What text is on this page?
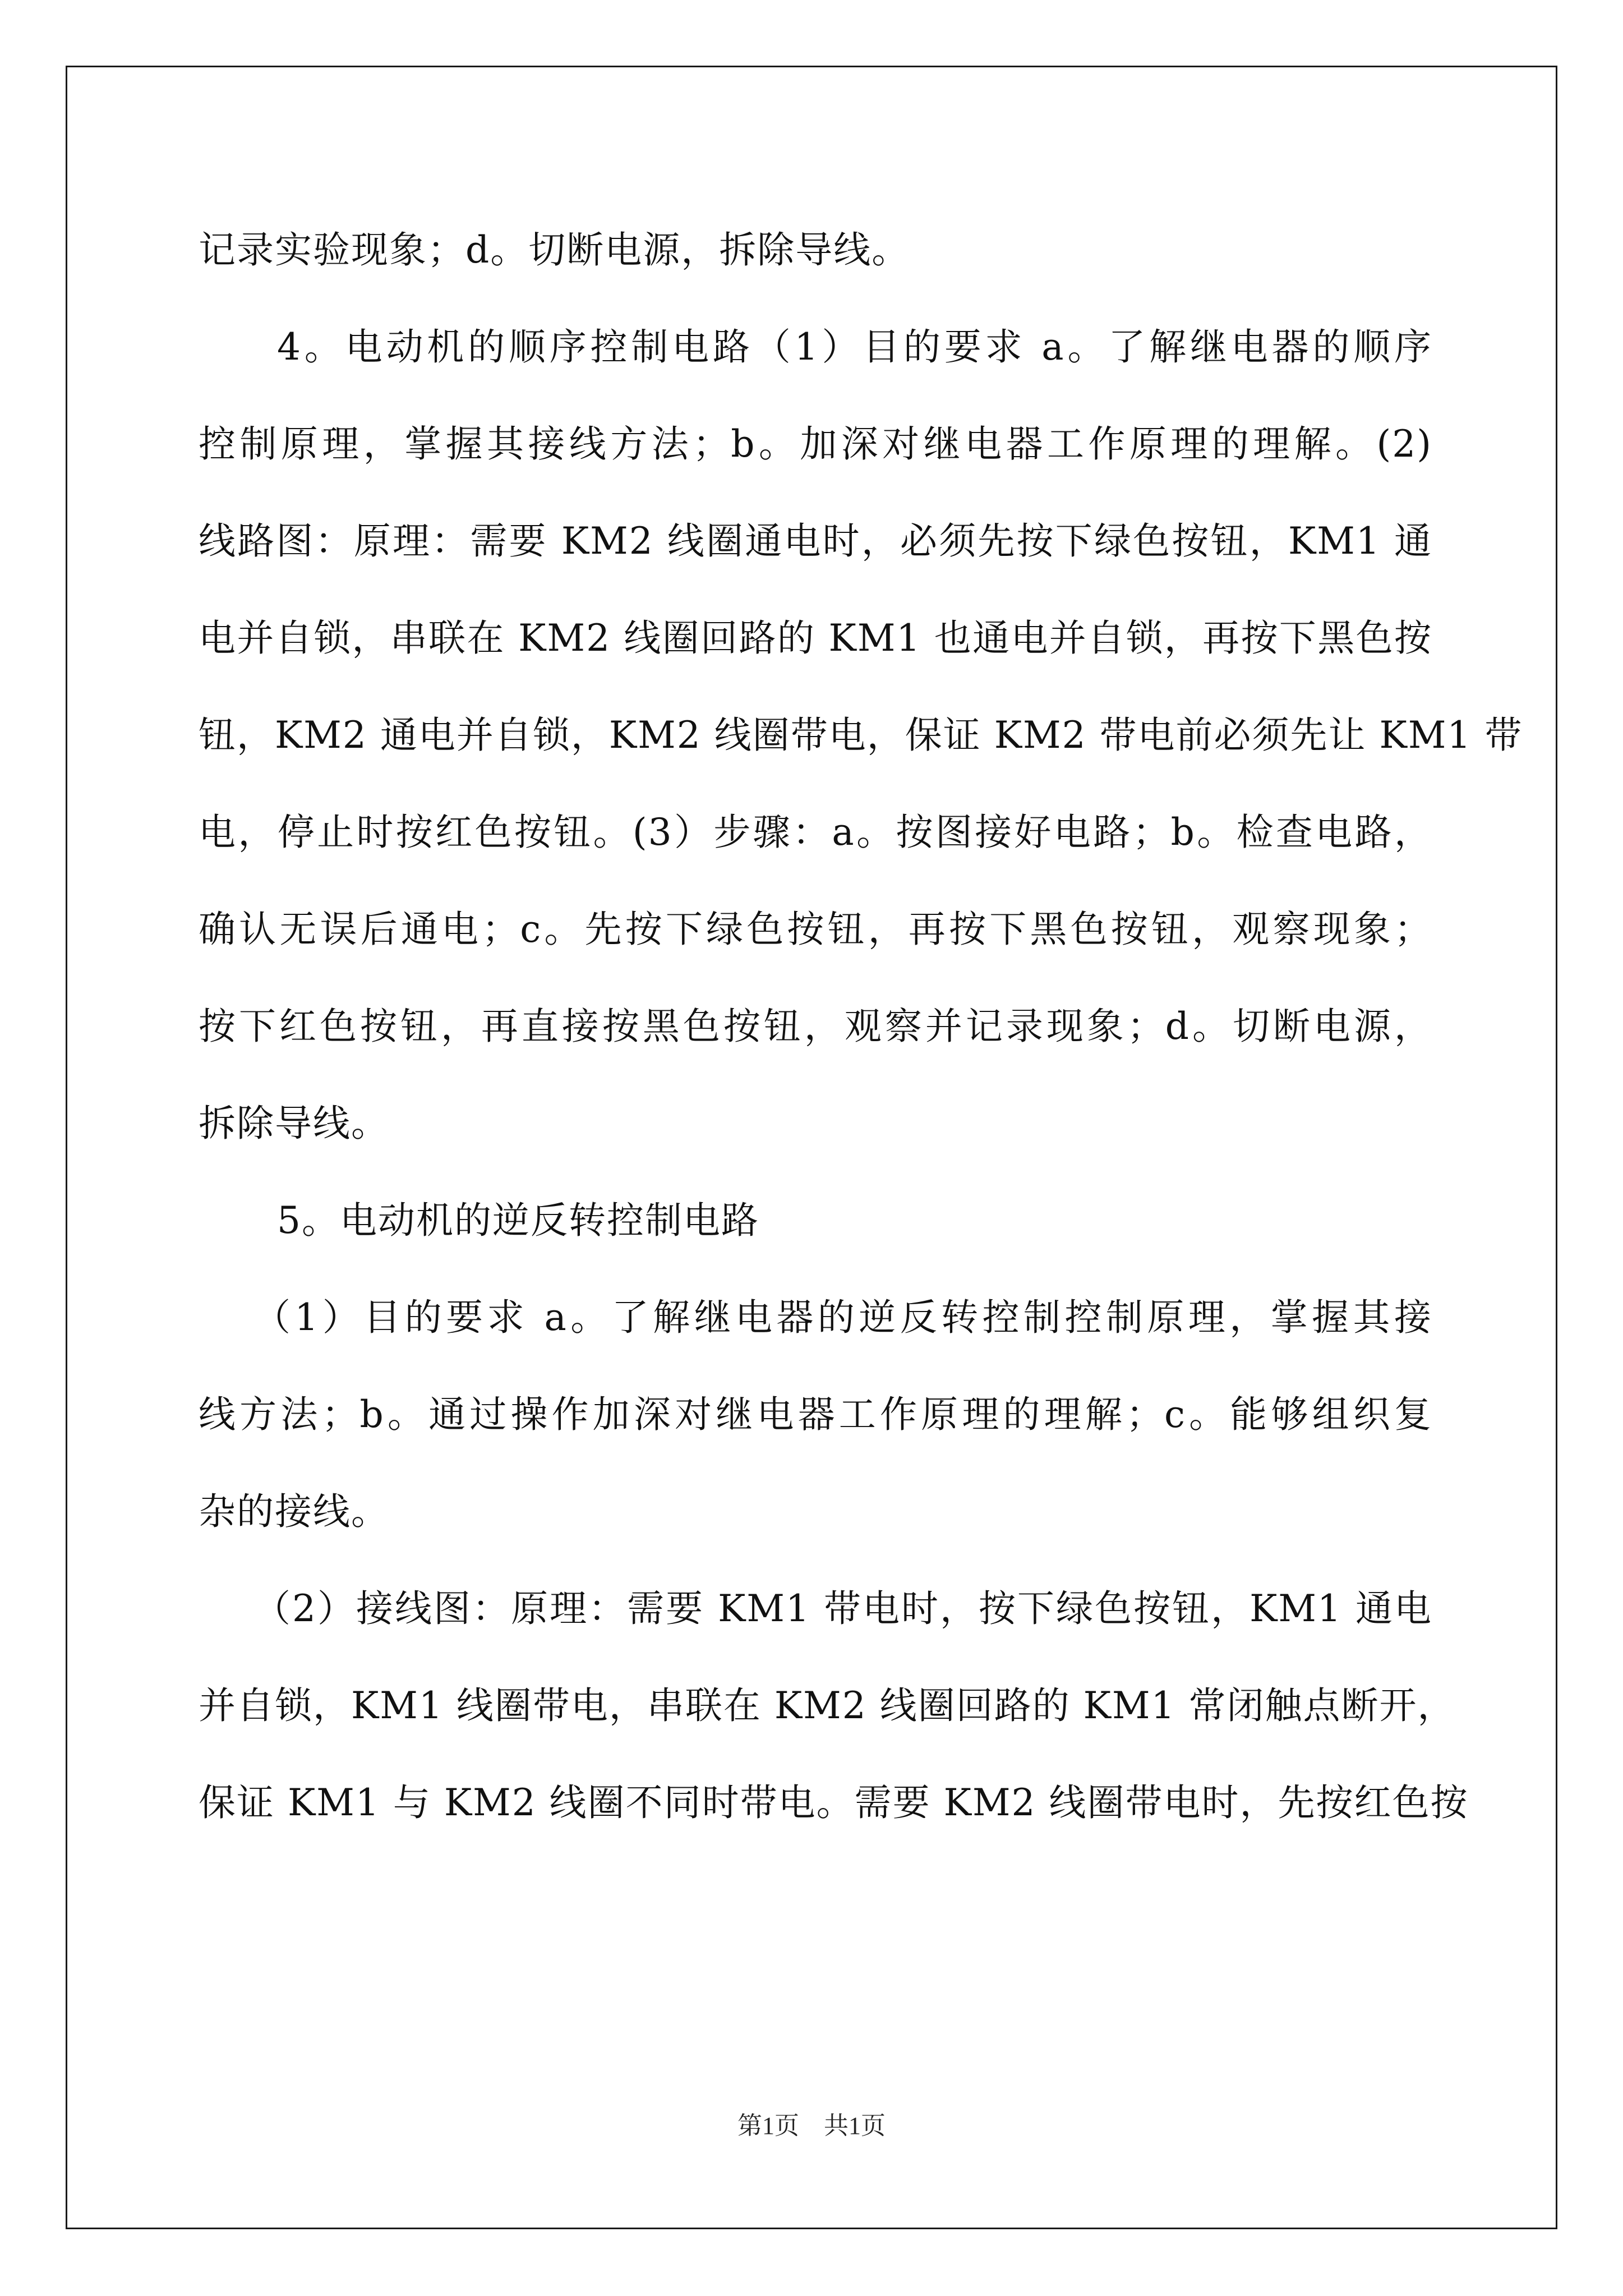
记录实验现象；d。切断电源，拆除导线。
4。电动机的顺序控制电路（1）目的要求 a。了解继电器的顺序
控制原理，掌握其接线方法；b。加深对继电器工作原理的理解。(2)
线路图：原理：需要 KM2 线圈通电时，必须先按下绿色按钮，KM1 通
电并自锁，串联在 KM2 线圈回路的 KM1 也通电并自锁，再按下黑色按
钮，KM2 通电并自锁，KM2 线圈带电，保证 KM2 带电前必须先让 KM1 带
电，停止时按红色按钮。(3）步骤：a。按图接好电路；b。检查电路，
确认无误后通电；c。先按下绿色按钮，再按下黑色按钮，观察现象；
按下红色按钮，再直接按黑色按钮，观察并记录现象；d。切断电源，
拆除导线。
5。电动机的逆反转控制电路
（1）目的要求 a。了解继电器的逆反转控制控制原理，掌握其接
线方法；b。通过操作加深对继电器工作原理的理解；c。能够组织复
杂的接线。
（2）接线图：原理：需要 KM1 带电时，按下绿色按钮，KM1 通电
并自锁，KM1 线圈带电，串联在 KM2 线圈回路的 KM1 常闭触点断开，
保证 KM1 与 KM2 线圈不同时带电。需要 KM2 线圈带电时，先按红色按
第1页　共1页
